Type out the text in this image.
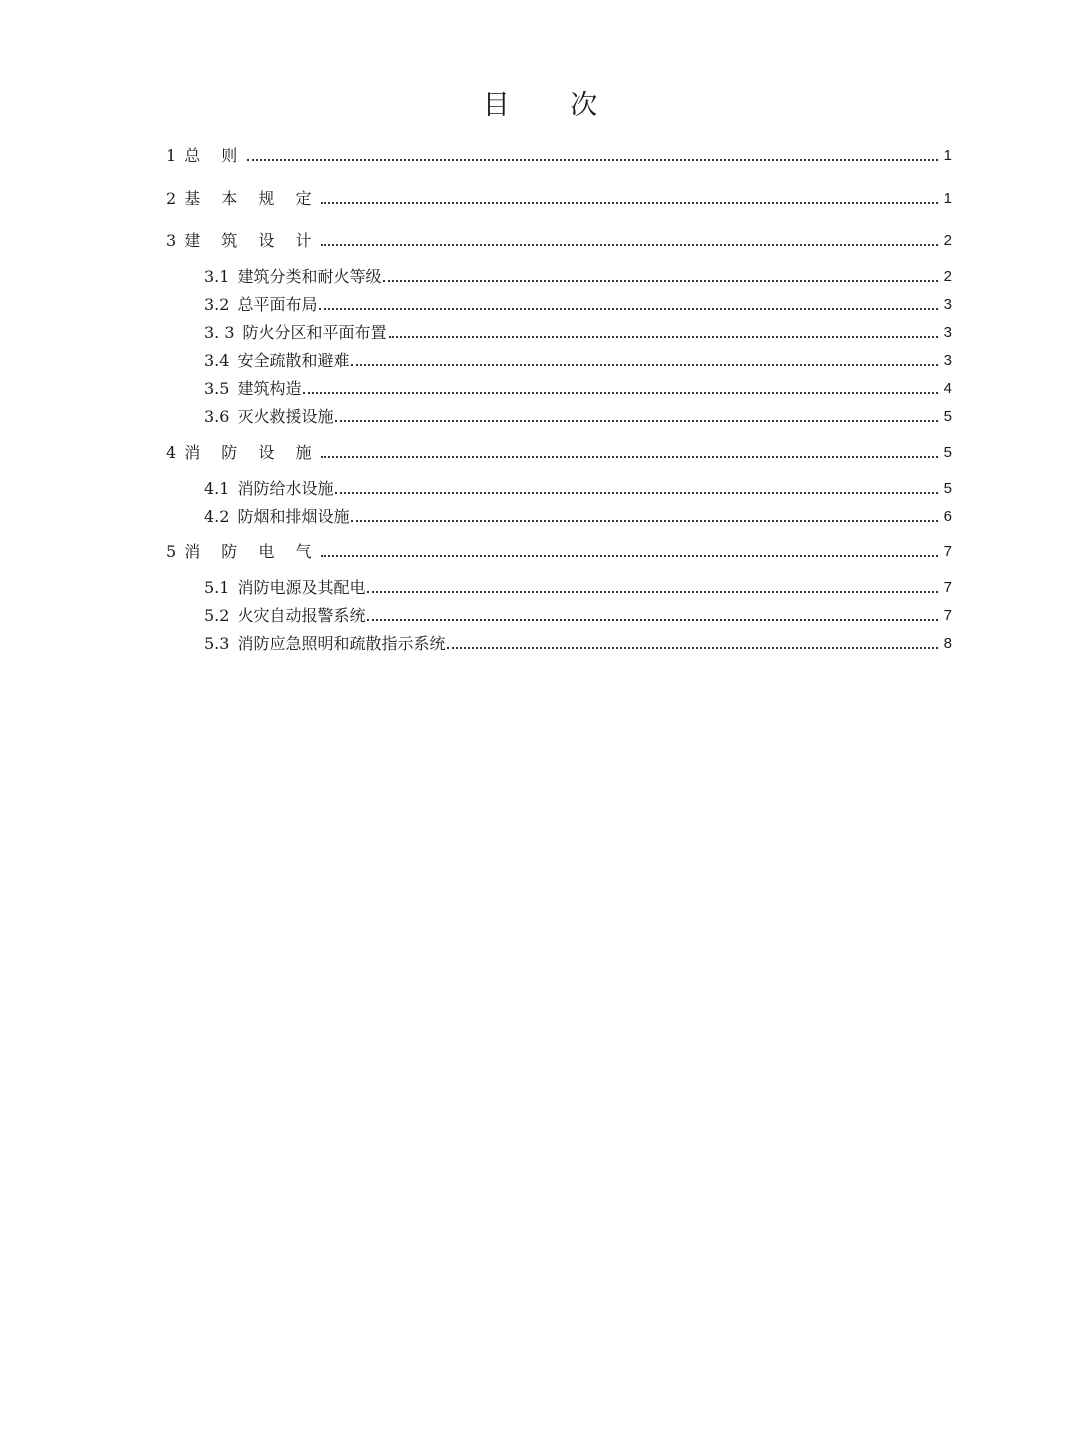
目 次
1 总 则	1
2 基 本 规 定	1
3 建 筑 设 计	2
3.1 建筑分类和耐火等级	2
3.2 总平面布局	3
3. 3 防火分区和平面布置	3
3.4 安全疏散和避难	3
3.5 建筑构造	4
3.6 灭火救援设施	5
4 消 防 设 施	5
4.1 消防给水设施	5
4.2 防烟和排烟设施	6
5 消 防 电 气	7
5.1 消防电源及其配电	7
5.2 火灾自动报警系统	7
5.3 消防应急照明和疏散指示系统	8
